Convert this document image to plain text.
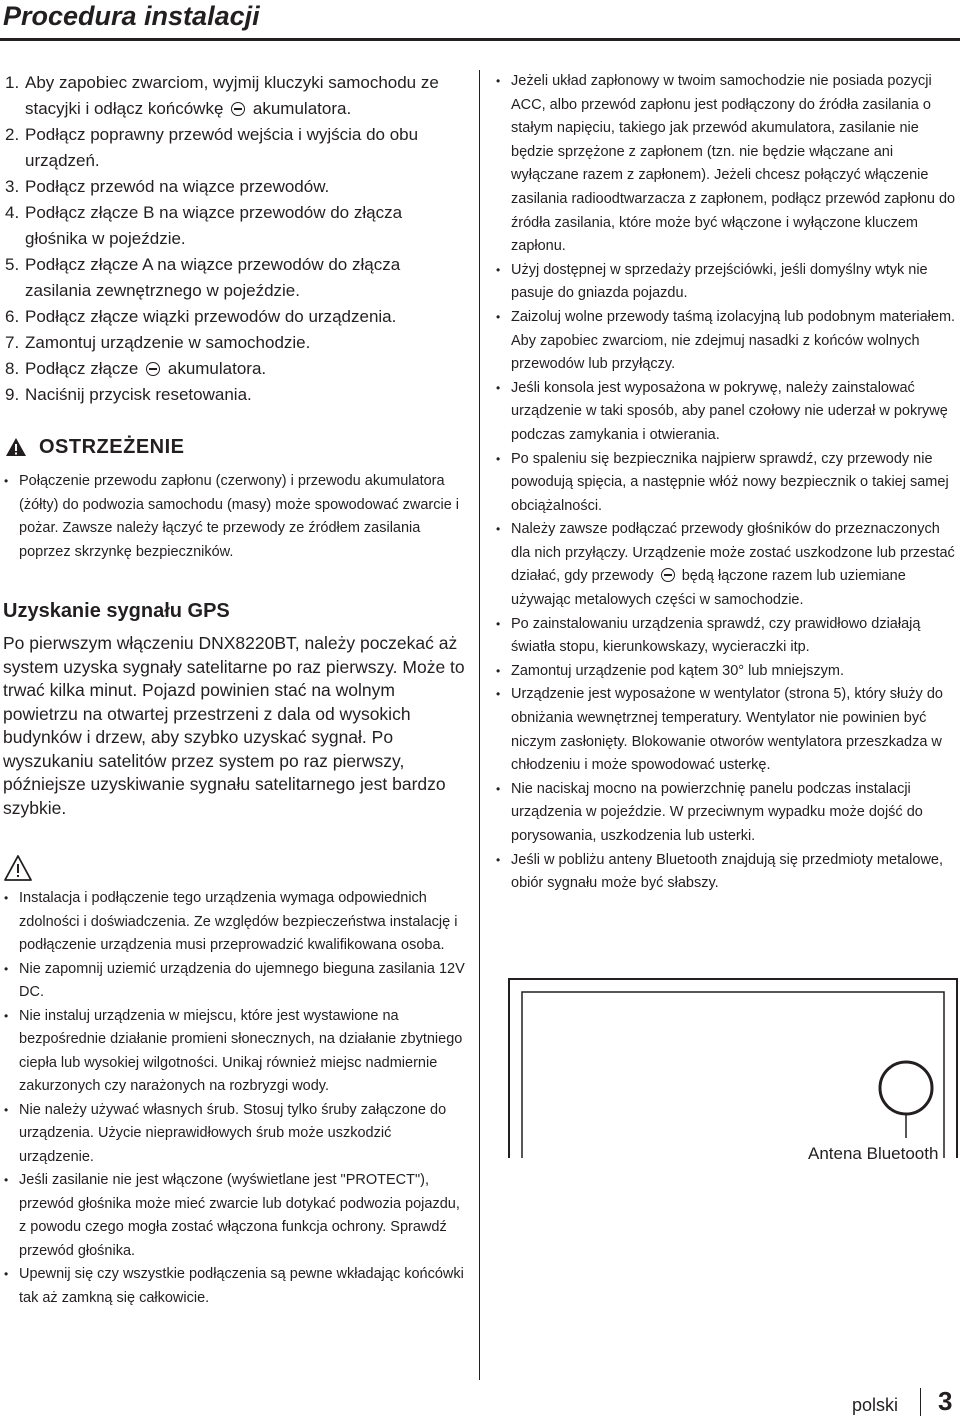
Procedura instalacji
1. Aby zapobiec zwarciom, wyjmij kluczyki samochodu ze stacyjki i odłącz końcówkę akumulatora.
2. Podłącz poprawny przewód wejścia i wyjścia do obu urządzeń.
3. Podłącz przewód na wiązce przewodów.
4. Podłącz złącze B na wiązce przewodów do złącza głośnika w pojeździe.
5. Podłącz złącze A na wiązce przewodów do złącza zasilania zewnętrznego w pojeździe.
6. Podłącz złącze wiązki przewodów do urządzenia.
7. Zamontuj urządzenie w samochodzie.
8. Podłącz złącze akumulatora.
9. Naciśnij przycisk resetowania.
OSTRZEŻENIE
• Połączenie przewodu zapłonu (czerwony) i przewodu akumulatora (żółty) do podwozia samochodu (masy) może spowodować zwarcie i pożar. Zawsze należy łączyć te przewody ze źródłem zasilania poprzez skrzynkę bezpieczników.
Uzyskanie sygnału GPS
Po pierwszym włączeniu DNX8220BT, należy poczekać aż system uzyska sygnały satelitarne po raz pierwszy. Może to trwać kilka minut. Pojazd powinien stać na wolnym powietrzu na otwartej przestrzeni z dala od wysokich budynków i drzew, aby szybko uzyskać sygnał. Po wyszukaniu satelitów przez system po raz pierwszy, późniejsze uzyskiwanie sygnału satelitarnego jest bardzo szybkie.
• Instalacja i podłączenie tego urządzenia wymaga odpowiednich zdolności i doświadczenia. Ze względów bezpieczeństwa instalację i podłączenie urządzenia musi przeprowadzić kwalifikowana osoba.
• Nie zapomnij uziemić urządzenia do ujemnego bieguna zasilania 12V DC.
• Nie instaluj urządzenia w miejscu, które jest wystawione na bezpośrednie działanie promieni słonecznych, na działanie zbytniego ciepła lub wysokiej wilgotności. Unikaj również miejsc nadmiernie zakurzonych czy narażonych na rozbryzgi wody.
• Nie należy używać własnych śrub. Stosuj tylko śruby załączone do urządzenia. Użycie nieprawidłowych śrub może uszkodzić urządzenie.
• Jeśli zasilanie nie jest włączone (wyświetlane jest "PROTECT"), przewód głośnika może mieć zwarcie lub dotykać podwozia pojazdu, z powodu czego mogła zostać włączona funkcja ochrony. Sprawdź przewód głośnika.
• Upewnij się czy wszystkie podłączenia są pewne wkładając końcówki tak aż zamkną się całkowicie.
• Jeżeli układ zapłonowy w twoim samochodzie nie posiada pozycji ACC, albo przewód zapłonu jest podłączony do źródła zasilania o stałym napięciu, takiego jak przewód akumulatora, zasilanie nie będzie sprzężone z zapłonem (tzn. nie będzie włączane ani wyłączane razem z zapłonem). Jeżeli chcesz połączyć włączenie zasilania radioodtwarzacza z zapłonem, podłącz przewód zapłonu do źródła zasilania, które może być włączone i wyłączone kluczem zapłonu.
• Użyj dostępnej w sprzedaży przejściówki, jeśli domyślny wtyk nie pasuje do gniazda pojazdu.
• Zaizoluj wolne przewody taśmą izolacyjną lub podobnym materiałem. Aby zapobiec zwarciom, nie zdejmuj nasadki z końców wolnych przewodów lub przyłączy.
• Jeśli konsola jest wyposażona w pokrywę, należy zainstalować urządzenie w taki sposób, aby panel czołowy nie uderzał w pokrywę podczas zamykania i otwierania.
• Po spaleniu się bezpiecznika najpierw sprawdź, czy przewody nie powodują spięcia, a następnie włóż nowy bezpiecznik o takiej samej obciążalności.
• Należy zawsze podłączać przewody głośników do przeznaczonych dla nich przyłączy. Urządzenie może zostać uszkodzone lub przestać działać, gdy przewody będą łączone razem lub uziemiane używając metalowych części w samochodzie.
• Po zainstalowaniu urządzenia sprawdź, czy prawidłowo działają światła stopu, kierunkowskazy, wycieraczki itp.
• Zamontuj urządzenie pod kątem 30° lub mniejszym.
• Urządzenie jest wyposażone w wentylator (strona 5), który służy do obniżania wewnętrznej temperatury. Wentylator nie powinien być niczym zasłonięty. Blokowanie otworów wentylatora przeszkadza w chłodzeniu i może spowodować usterkę.
• Nie naciskaj mocno na powierzchnię panelu podczas instalacji urządzenia w pojeździe. W przeciwnym wypadku może dojść do porysowania, uszkodzenia lub usterki.
• Jeśli w pobliżu anteny Bluetooth znajdują się przedmioty metalowe, obiór sygnału może być słabszy.
Antena Bluetooth
polski 3
